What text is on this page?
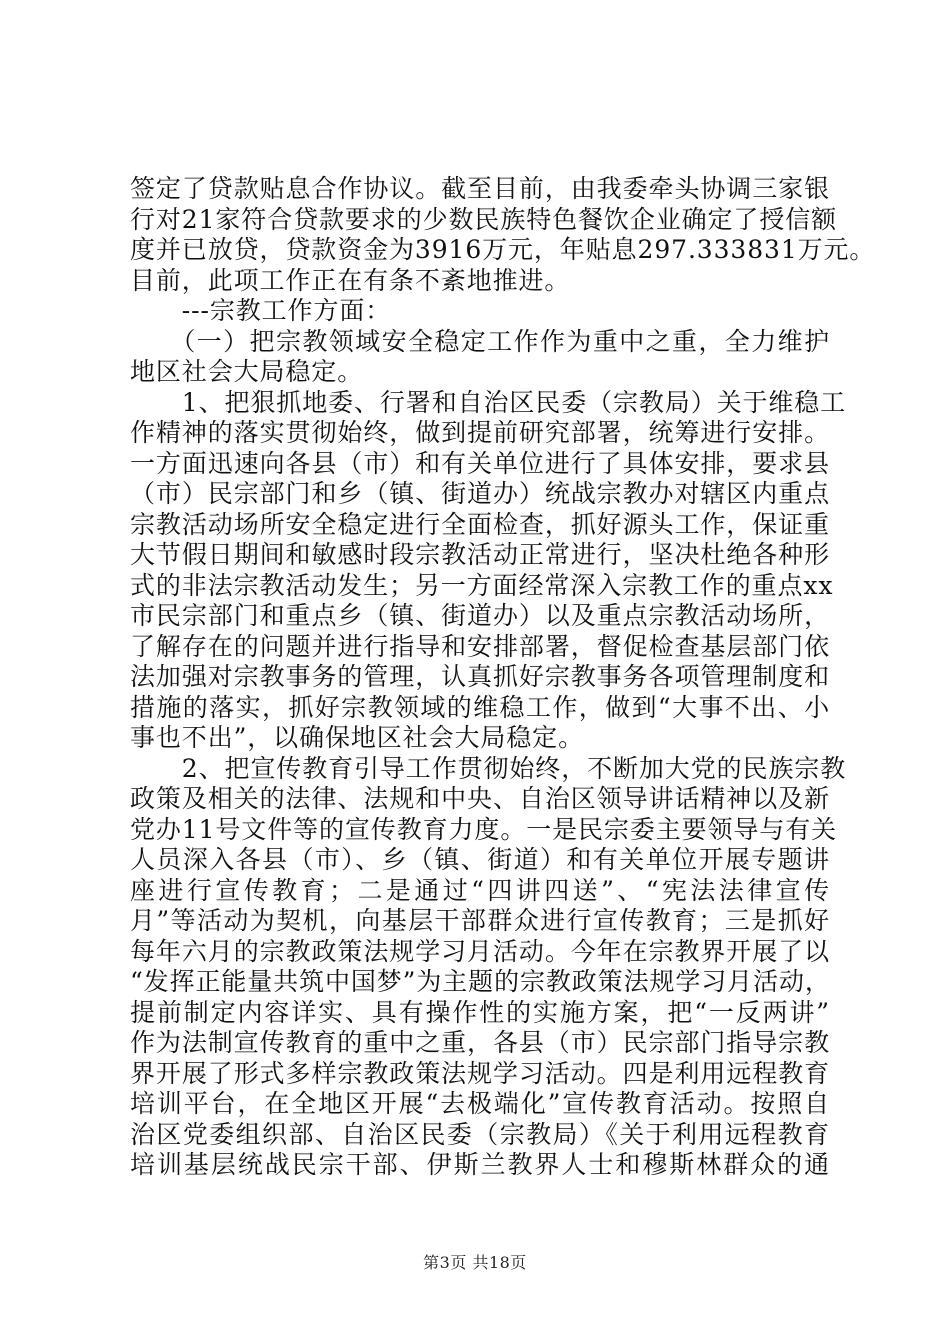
签定了贷款贴息合作协议。截至目前，由我委牵头协调三家银
行对21家符合贷款要求的少数民族特色餐饮企业确定了授信额
度并已放贷，贷款资金为3916万元，年贴息297.333831万元。
目前，此项工作正在有条不紊地推进。
　　---宗教工作方面：
　　（一）把宗教领域安全稳定工作作为重中之重，全力维护
地区社会大局稳定。
　　1、把狠抓地委、行署和自治区民委（宗教局）关于维稳工
作精神的落实贯彻始终，做到提前研究部署，统筹进行安排。
一方面迅速向各县（市）和有关单位进行了具体安排，要求县
（市）民宗部门和乡（镇、街道办）统战宗教办对辖区内重点
宗教活动场所安全稳定进行全面检查，抓好源头工作，保证重
大节假日期间和敏感时段宗教活动正常进行，坚决杜绝各种形
式的非法宗教活动发生；另一方面经常深入宗教工作的重点xx
市民宗部门和重点乡（镇、街道办）以及重点宗教活动场所，
了解存在的问题并进行指导和安排部署，督促检查基层部门依
法加强对宗教事务的管理，认真抓好宗教事务各项管理制度和
措施的落实，抓好宗教领域的维稳工作，做到“大事不出、小
事也不出”，以确保地区社会大局稳定。
　　2、把宣传教育引导工作贯彻始终，不断加大党的民族宗教
政策及相关的法律、法规和中央、自治区领导讲话精神以及新
党办11号文件等的宣传教育力度。一是民宗委主要领导与有关
人员深入各县（市）、乡（镇、街道）和有关单位开展专题讲
座进行宣传教育；二是通过“四讲四送”、“宪法法律宣传
月”等活动为契机，向基层干部群众进行宣传教育；三是抓好
每年六月的宗教政策法规学习月活动。今年在宗教界开展了以
“发挥正能量共筑中国梦”为主题的宗教政策法规学习月活动，
提前制定内容详实、具有操作性的实施方案，把“一反两讲”
作为法制宣传教育的重中之重，各县（市）民宗部门指导宗教
界开展了形式多样宗教政策法规学习活动。四是利用远程教育
培训平台，在全地区开展“去极端化”宣传教育活动。按照自
治区党委组织部、自治区民委（宗教局）《关于利用远程教育
培训基层统战民宗干部、伊斯兰教界人士和穆斯林群众的通
第3页 共18页
